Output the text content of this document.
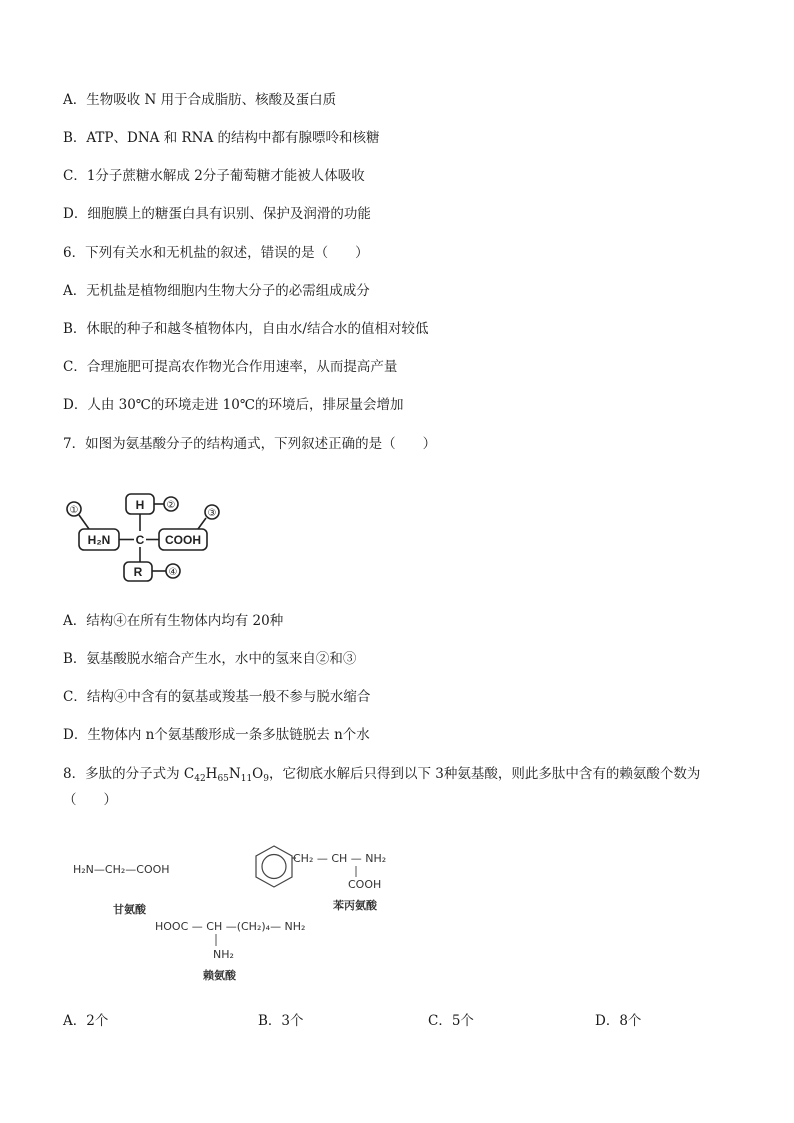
A．生物吸收 N 用于合成脂肪、核酸及蛋白质
B．ATP、DNA 和 RNA 的结构中都有腺嘌呤和核糖
C．1分子蔗糖水解成 2分子葡萄糖才能被人体吸收
D．细胞膜上的糖蛋白具有识别、保护及润滑的功能
6．下列有关水和无机盐的叙述，错误的是（　　）
A．无机盐是植物细胞内生物大分子的必需组成成分
B．休眠的种子和越冬植物体内，自由水/结合水的值相对较低
C．合理施肥可提高农作物光合作用速率，从而提高产量
D．人由 30℃的环境走进 10℃的环境后，排尿量会增加
7．如图为氨基酸分子的结构通式，下列叙述正确的是（　　）
H
H₂N C COOH
R
①	②
③
④
A．结构④在所有生物体内均有 20种
B．氨基酸脱水缩合产生水，水中的氢来自②和③
C．结构④中含有的氨基或羧基一般不参与脱水缩合
D．生物体内 n个氨基酸形成一条多肽链脱去 n个水
8．多肽的分子式为 $C_{42}H_{65}N_{11}O_9$，它彻底水解后只得到以下 3种氨基酸，则此多肽中含有的赖氨酸个数为
（　　）
H₂N—CH₂—COOH
CH₂ — CH — NH₂
COOH
HOOC — CH —(CH₂)₄— NH₂
NH₂
甘氨酸	苯丙氨酸
赖氨酸
A．2个	B．3个	C．5个	D．8个
